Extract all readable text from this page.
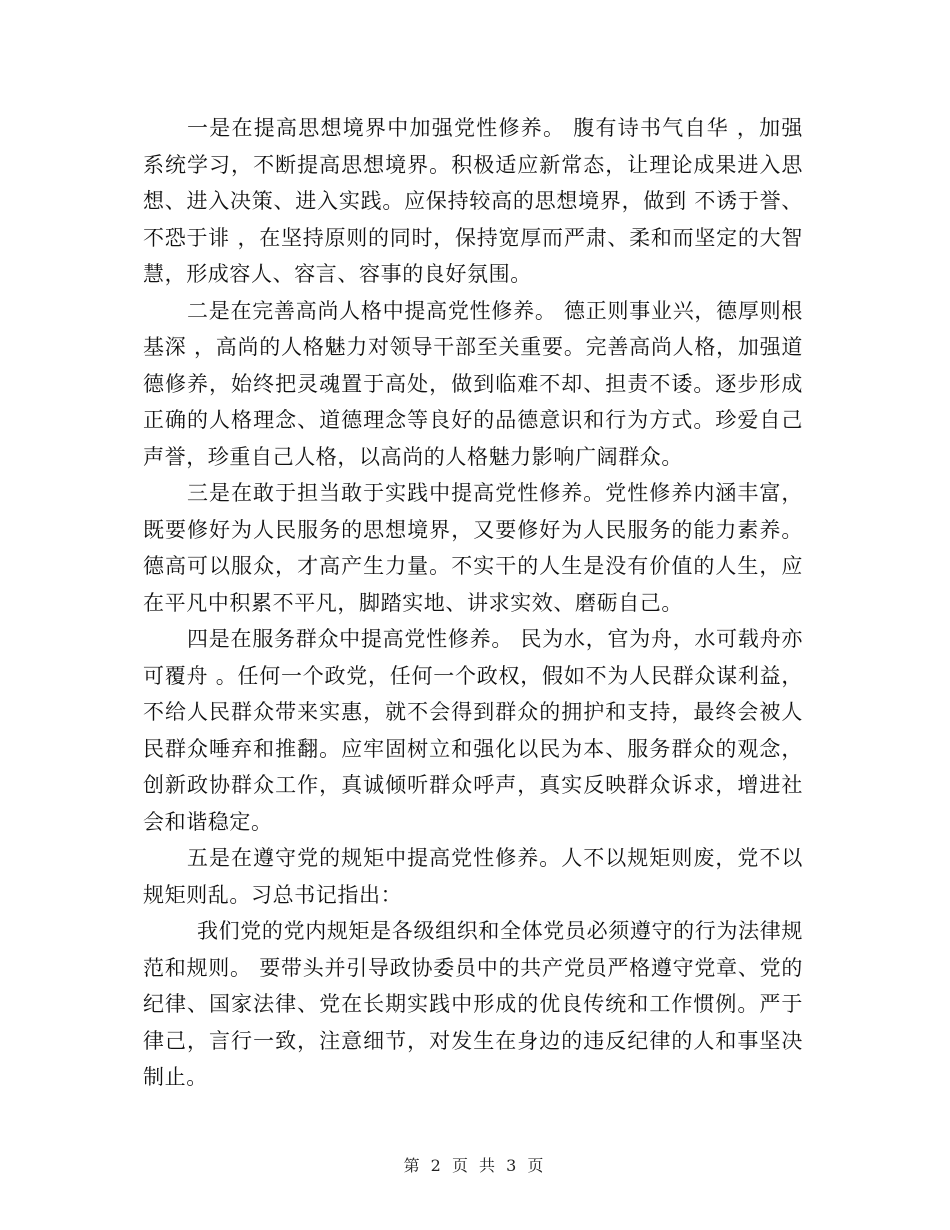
一是在提高思想境界中加强党性修养。 腹有诗书气自华 ，加强系统学习，不断提高思想境界。积极适应新常态，让理论成果进入思想、进入决策、进入实践。应保持较高的思想境界，做到 不诱于誉、不恐于诽 ，在坚持原则的同时，保持宽厚而严肃、柔和而坚定的大智慧，形成容人、容言、容事的良好氛围。

二是在完善高尚人格中提高党性修养。 德正则事业兴，德厚则根基深 ，高尚的人格魅力对领导干部至关重要。完善高尚人格，加强道德修养，始终把灵魂置于高处，做到临难不却、担责不诿。逐步形成正确的人格理念、道德理念等良好的品德意识和行为方式。珍爱自己声誉，珍重自己人格，以高尚的人格魅力影响广阔群众。

三是在敢于担当敢于实践中提高党性修养。党性修养内涵丰富，既要修好为人民服务的思想境界，又要修好为人民服务的能力素养。德高可以服众，才高产生力量。不实干的人生是没有价值的人生，应在平凡中积累不平凡，脚踏实地、讲求实效、磨砺自己。

四是在服务群众中提高党性修养。 民为水，官为舟，水可载舟亦可覆舟 。任何一个政党，任何一个政权，假如不为人民群众谋利益，不给人民群众带来实惠，就不会得到群众的拥护和支持，最终会被人民群众唾弃和推翻。应牢固树立和强化以民为本、服务群众的观念，创新政协群众工作，真诚倾听群众呼声，真实反映群众诉求，增进社会和谐稳定。

五是在遵守党的规矩中提高党性修养。人不以规矩则废，党不以规矩则乱。习总书记指出：

我们党的党内规矩是各级组织和全体党员必须遵守的行为法律规范和规则。 要带头并引导政协委员中的共产党员严格遵守党章、党的纪律、国家法律、党在长期实践中形成的优良传统和工作惯例。严于律己，言行一致，注意细节，对发生在身边的违反纪律的人和事坚决制止。

第 2 页 共 3 页
